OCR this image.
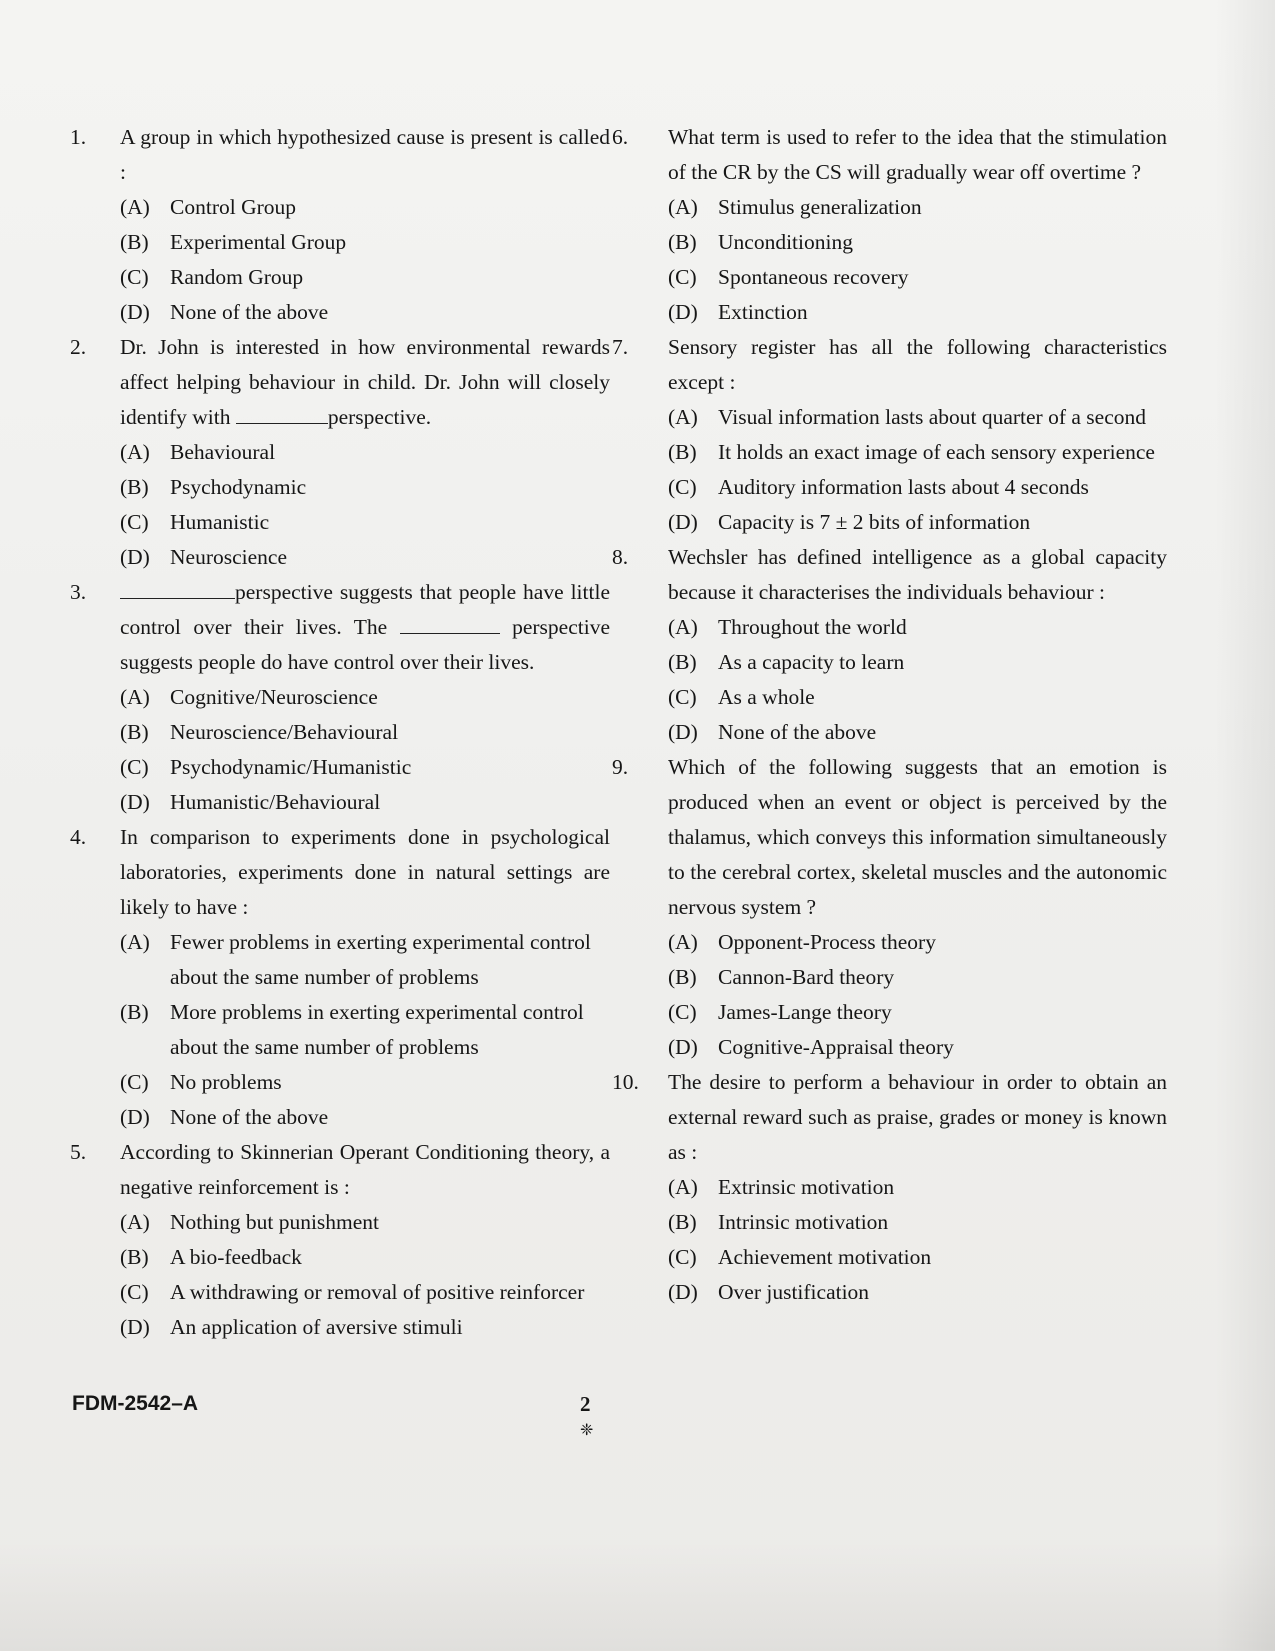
1. A group in which hypothesized cause is present is called :
(A) Control Group
(B) Experimental Group
(C) Random Group
(D) None of the above
2. Dr. John is interested in how environmental rewards affect helping behaviour in child. Dr. John will closely identify with	perspective.
(A) Behavioural
(B) Psychodynamic
(C) Humanistic
(D) Neuroscience
3.	perspective suggests that people have little control over their lives. The	perspective suggests people do have control over their lives.
(A) Cognitive/Neuroscience
(B) Neuroscience/Behavioural
(C) Psychodynamic/Humanistic
(D) Humanistic/Behavioural
4. In comparison to experiments done in psychological laboratories, experiments done in natural settings are likely to have :
(A) Fewer problems in exerting experimental control about the same number of problems
(B) More problems in exerting experimental control about the same number of problems
(C) No problems
(D) None of the above
5. According to Skinnerian Operant Conditioning theory, a negative reinforcement is :
(A) Nothing but punishment
(B) A bio-feedback
(C) A withdrawing or removal of positive reinforcer
(D) An application of aversive stimuli
6. What term is used to refer to the idea that the stimulation of the CR by the CS will gradually wear off overtime ?
(A) Stimulus generalization
(B) Unconditioning
(C) Spontaneous recovery
(D) Extinction
7. Sensory register has all the following characteristics except :
(A) Visual information lasts about quarter of a second
(B) It holds an exact image of each sensory experience
(C) Auditory information lasts about 4 seconds
(D) Capacity is 7 ± 2 bits of information
8. Wechsler has defined intelligence as a global capacity because it characterises the individuals behaviour :
(A) Throughout the world
(B) As a capacity to learn
(C) As a whole
(D) None of the above
9. Which of the following suggests that an emotion is produced when an event or object is perceived by the thalamus, which conveys this information simultaneously to the cerebral cortex, skeletal muscles and the autonomic nervous system ?
(A) Opponent-Process theory
(B) Cannon-Bard theory
(C) James-Lange theory
(D) Cognitive-Appraisal theory
10. The desire to perform a behaviour in order to obtain an external reward such as praise, grades or money is known as :
(A) Extrinsic motivation
(B) Intrinsic motivation
(C) Achievement motivation
(D) Over justification
FDM-2542–A	2
❈
